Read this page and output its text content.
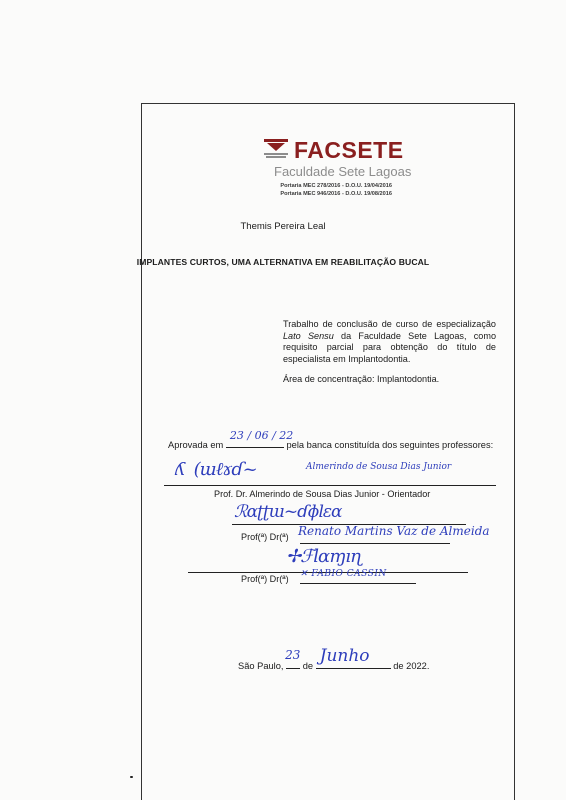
FACSETE
Faculdade Sete Lagoas
Portaria MEC 278/2016 - D.O.U. 19/04/2016
Portaria MEC 946/2016 - D.O.U. 19/08/2016
Themis Pereira Leal
IMPLANTES CURTOS, UMA ALTERNATIVA EM REABILITAÇÃO BUCAL
Trabalho de conclusão de curso de especialização Lato Sensu da Faculdade Sete Lagoas, como requisito parcial para obtenção do título de especialista em Implantodontia.
Área de concentração: Implantodontia.
Aprovada em
23 / 06 / 22
pela banca constituída dos seguintes professores:
ʎ  (ɯℓɤɗ~	Almerindo de Sousa Dias Junior
Prof. Dr. Almerindo de Sousa Dias Junior - Orientador
ℛɑʈʈɯ~ɗɸlɛɑ
Prof(ª) Dr(ª) Renato Martins Vaz de Almeida
✢ℱlɑɱıɳ
Prof(ª) Dr(ª) ✕ FABIO CASSIN
São Paulo,
23
de Junho	de 2022.
